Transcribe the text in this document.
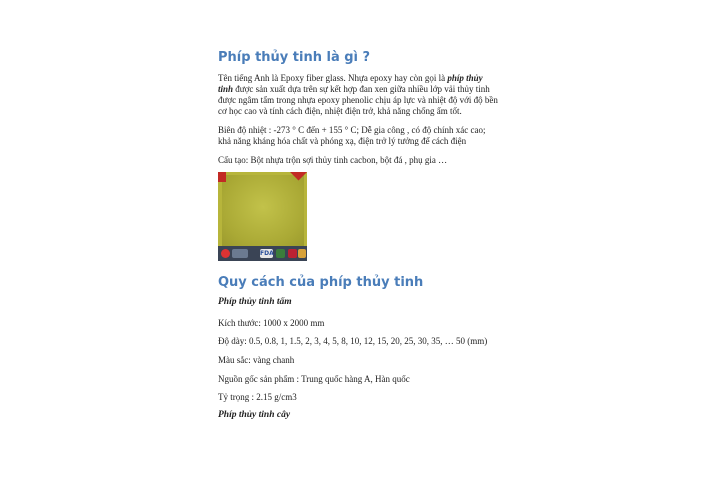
Phíp thủy tinh là gì ?
Tên tiếng Anh là Epoxy fiber glass. Nhựa epoxy hay còn gọi là phíp thủy
tinh được sản xuất dựa trên sự kết hợp đan xen giữa nhiều lớp vải thủy tinh
được ngâm tẩm trong nhựa epoxy phenolic chịu áp lực và nhiệt độ với độ bền
cơ học cao và tính cách điện, nhiệt điện trở, khả năng chống ẩm tốt.
Biên độ nhiệt : -273 ° C đến + 155 ° C; Dễ gia công , có độ chính xác cao;
khả năng kháng hóa chất và phóng xạ, điện trở lý tưởng để cách điện
Cấu tạo: Bột nhựa trộn sợi thủy tinh cacbon, bột đá , phụ gia …
FDA
Quy cách của phíp thủy tinh
Phíp thủy tinh tấm
Kích thước: 1000 x 2000 mm
Độ dày: 0.5, 0.8, 1, 1.5, 2, 3, 4, 5, 8, 10, 12, 15, 20, 25, 30, 35, … 50 (mm)
Màu sắc: vàng chanh
Nguồn gốc sản phẩm : Trung quốc hàng A, Hàn quốc
Tỷ trọng : 2.15 g/cm3
Phíp thủy tinh cây
